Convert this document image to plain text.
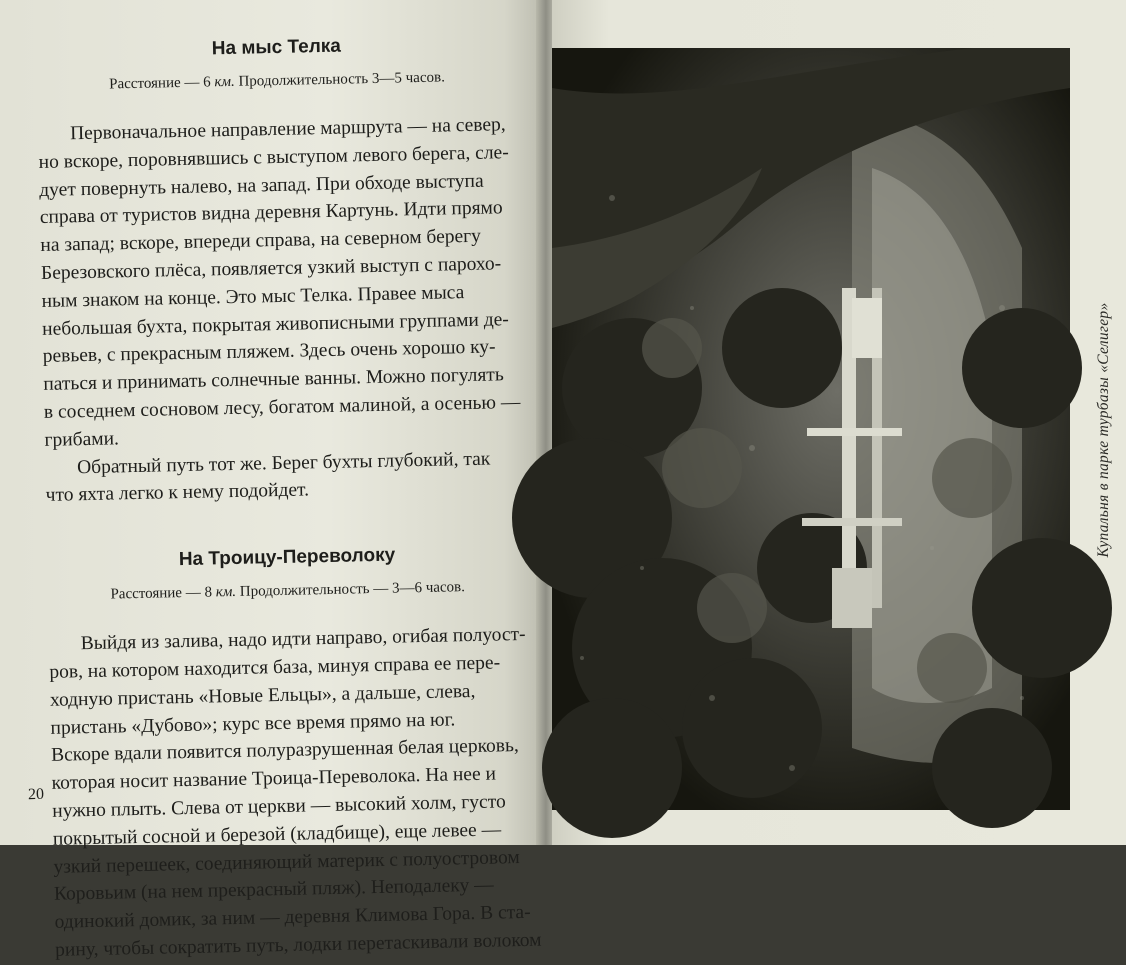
На мыс Телка
Расстояние — 6 км. Продолжительность 3—5 часов.

Первоначальное направление маршрута — на север,
но вскоре, поровнявшись с выступом левого берега, сле-
дует повернуть налево, на запад. При обходе выступа
справа от туристов видна деревня Картунь. Идти прямо
на запад; вскоре, впереди справа, на северном берегу
Березовского плёса, появляется узкий выступ с парохо-
ным знаком на конце. Это мыс Телка. Правее мыса
небольшая бухта, покрытая живописными группами де-
ревьев, с прекрасным пляжем. Здесь очень хорошо ку-
паться и принимать солнечные ванны. Можно погулять
в соседнем сосновом лесу, богатом малиной, а осенью —
грибами.
Обратный путь тот же. Берег бухты глубокий, так
что яхта легко к нему подойдет.

На Троицу-Переволоку
Расстояние — 8 км. Продолжительность — 3—6 часов.

Выйдя из залива, надо идти направо, огибая полуост-
ров, на котором находится база, минуя справа ее пере-
ходную пристань «Новые Ельцы», а дальше, слева,
пристань «Дубово»; курс все время прямо на юг.
Вскоре вдали появится полуразрушенная белая церковь,
которая носит название Троица-Переволока. На нее и
нужно плыть. Слева от церкви — высокий холм, густо
покрытый сосной и березой (кладбище), еще левее —
узкий перешеек, соединяющий материк с полуостровом
Коровьим (на нем прекрасный пляж). Неподалеку —
одинокий домик, за ним — деревня Климова Гора. В ста-
рину, чтобы сократить путь, лодки перетаскивали волоком

20
Купальня в парке турбазы «Селигер»
